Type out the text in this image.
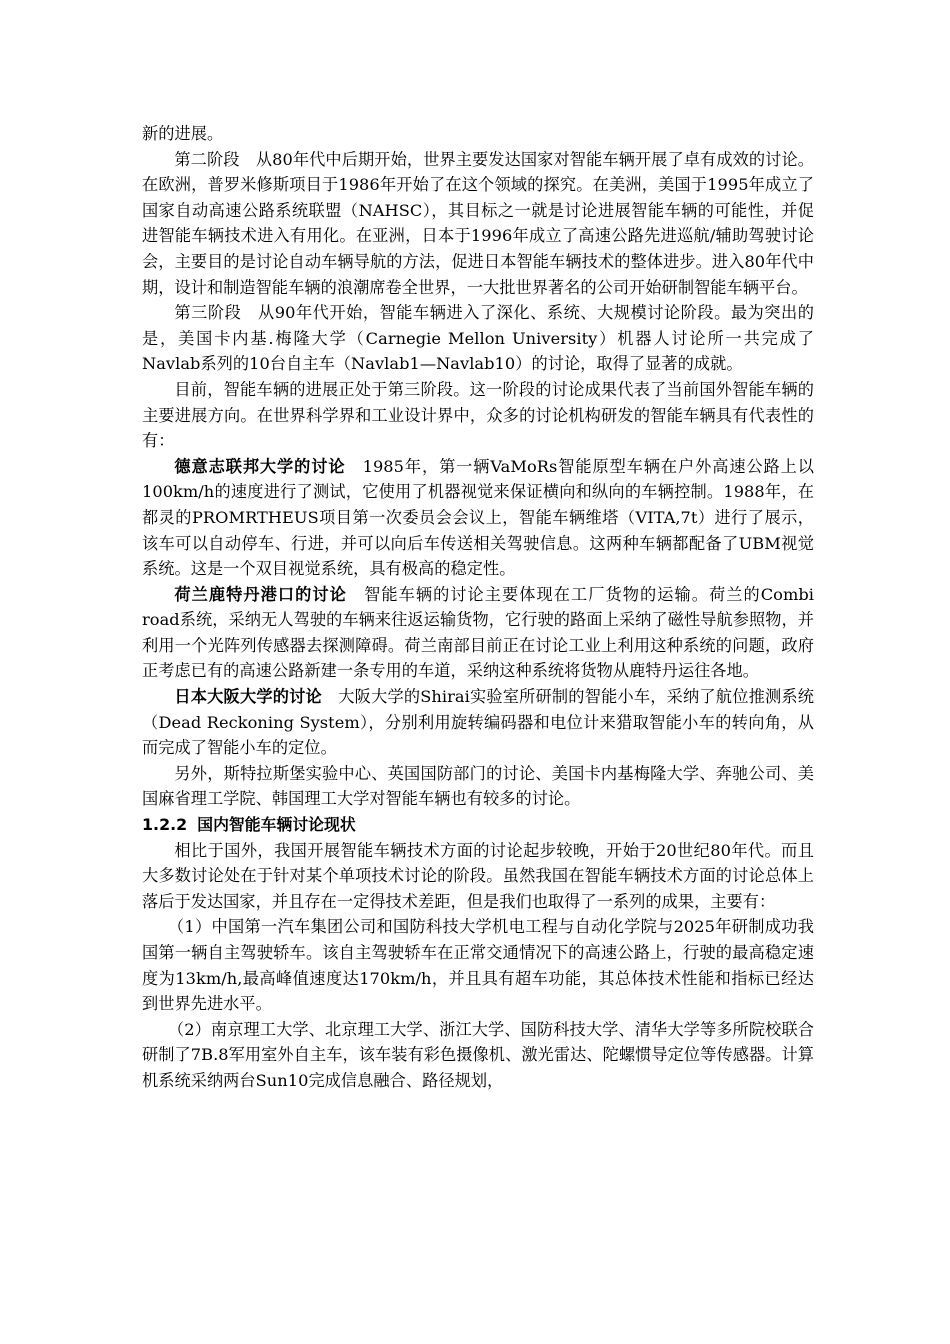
新的进展。

第二阶段　从80年代中后期开始，世界主要发达国家对智能车辆开展了卓有成效的讨论。在欧洲，普罗米修斯项目于1986年开始了在这个领域的探究。在美洲，美国于1995年成立了国家自动高速公路系统联盟（NAHSC），其目标之一就是讨论进展智能车辆的可能性，并促进智能车辆技术进入有用化。在亚洲，日本于1996年成立了高速公路先进巡航/辅助驾驶讨论会，主要目的是讨论自动车辆导航的方法，促进日本智能车辆技术的整体进步。进入80年代中期，设计和制造智能车辆的浪潮席卷全世界，一大批世界著名的公司开始研制智能车辆平台。

第三阶段　从90年代开始，智能车辆进入了深化、系统、大规模讨论阶段。最为突出的是，美国卡内基.梅隆大学（Carnegie Mellon University）机器人讨论所一共完成了Navlab系列的10台自主车（Navlab1—Navlab10）的讨论，取得了显著的成就。

目前，智能车辆的进展正处于第三阶段。这一阶段的讨论成果代表了当前国外智能车辆的主要进展方向。在世界科学界和工业设计界中，众多的讨论机构研发的智能车辆具有代表性的有：

德意志联邦大学的讨论　1985年，第一辆VaMoRs智能原型车辆在户外高速公路上以100km/h的速度进行了测试，它使用了机器视觉来保证横向和纵向的车辆控制。1988年，在都灵的PROMRTHEUS项目第一次委员会会议上，智能车辆维塔（VITA,7t）进行了展示，该车可以自动停车、行进，并可以向后车传送相关驾驶信息。这两种车辆都配备了UBM视觉系统。这是一个双目视觉系统，具有极高的稳定性。

荷兰鹿特丹港口的讨论　智能车辆的讨论主要体现在工厂货物的运输。荷兰的Combi road系统，采纳无人驾驶的车辆来往返运输货物，它行驶的路面上采纳了磁性导航参照物，并利用一个光阵列传感器去探测障碍。荷兰南部目前正在讨论工业上利用这种系统的问题，政府正考虑已有的高速公路新建一条专用的车道，采纳这种系统将货物从鹿特丹运往各地。

日本大阪大学的讨论　大阪大学的Shirai实验室所研制的智能小车，采纳了航位推测系统（Dead Reckoning System），分别利用旋转编码器和电位计来猎取智能小车的转向角，从而完成了智能小车的定位。

另外，斯特拉斯堡实验中心、英国国防部门的讨论、美国卡内基梅隆大学、奔驰公司、美国麻省理工学院、韩国理工大学对智能车辆也有较多的讨论。

1.2.2 国内智能车辆讨论现状

相比于国外，我国开展智能车辆技术方面的讨论起步较晚，开始于20世纪80年代。而且大多数讨论处在于针对某个单项技术讨论的阶段。虽然我国在智能车辆技术方面的讨论总体上落后于发达国家，并且存在一定得技术差距，但是我们也取得了一系列的成果，主要有：

（1）中国第一汽车集团公司和国防科技大学机电工程与自动化学院与2025年研制成功我国第一辆自主驾驶轿车。该自主驾驶轿车在正常交通情况下的高速公路上，行驶的最高稳定速度为13km/h,最高峰值速度达170km/h，并且具有超车功能，其总体技术性能和指标已经达到世界先进水平。

（2）南京理工大学、北京理工大学、浙江大学、国防科技大学、清华大学等多所院校联合研制了7B.8军用室外自主车，该车装有彩色摄像机、激光雷达、陀螺惯导定位等传感器。计算机系统采纳两台Sun10完成信息融合、路径规划，
